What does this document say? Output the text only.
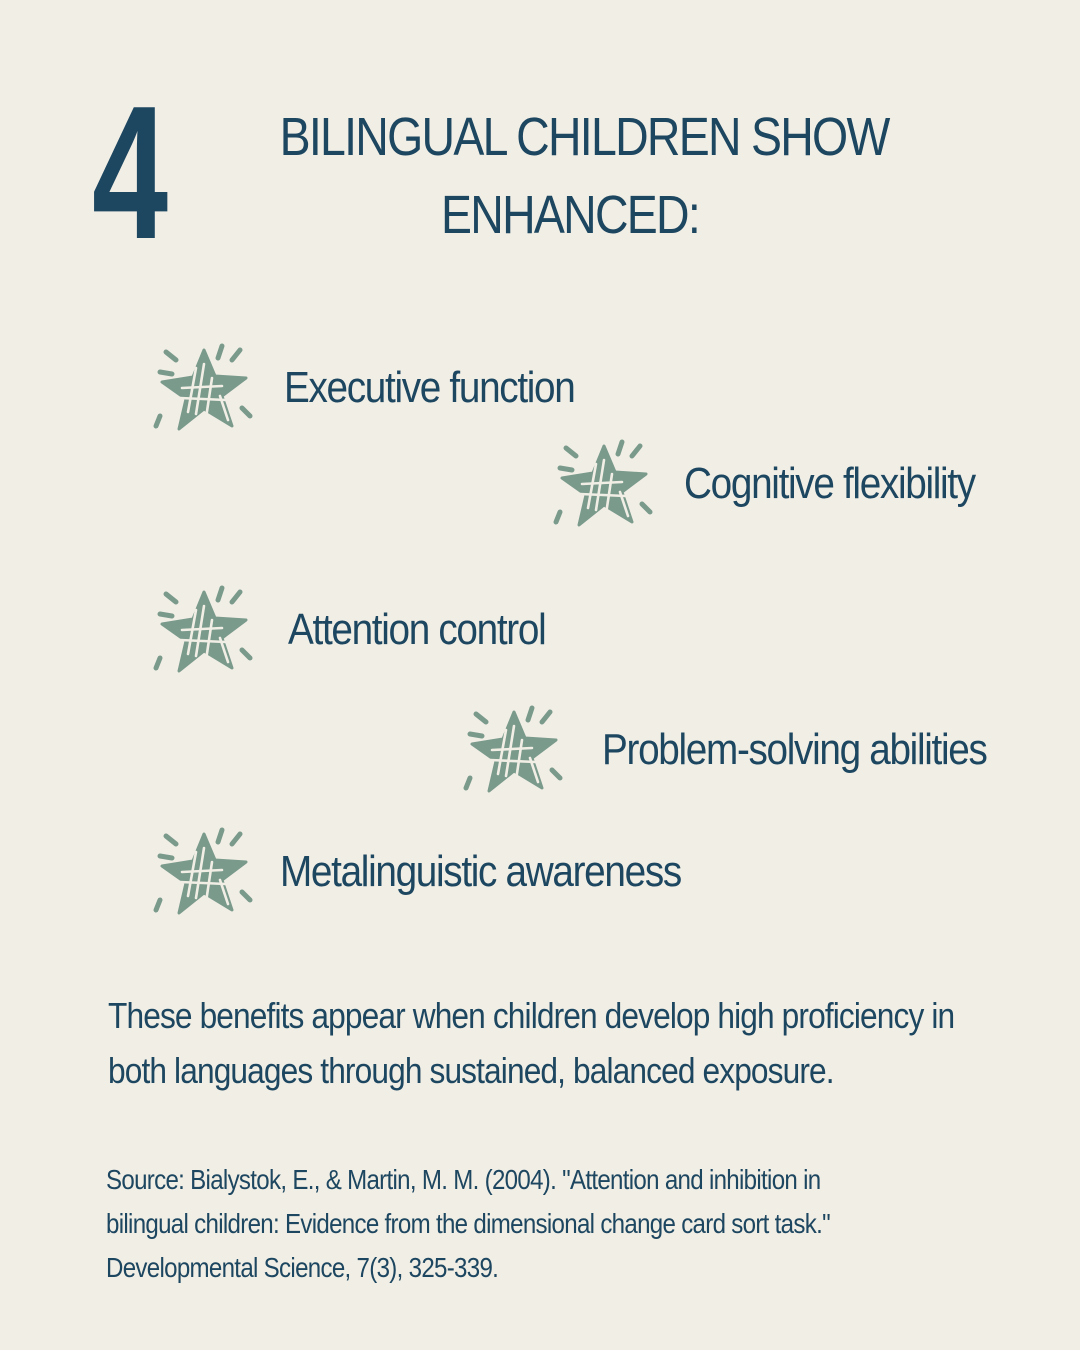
4	BILINGUAL CHILDREN SHOW
ENHANCED:
Executive function
Cognitive flexibility
Attention control
Problem-solving abilities
Metalinguistic awareness
These benefits appear when children develop high proficiency in
both languages through sustained, balanced exposure.
Source: Bialystok, E., & Martin, M. M. (2004). "Attention and inhibition in
bilingual children: Evidence from the dimensional change card sort task."
Developmental Science, 7(3), 325-339.
